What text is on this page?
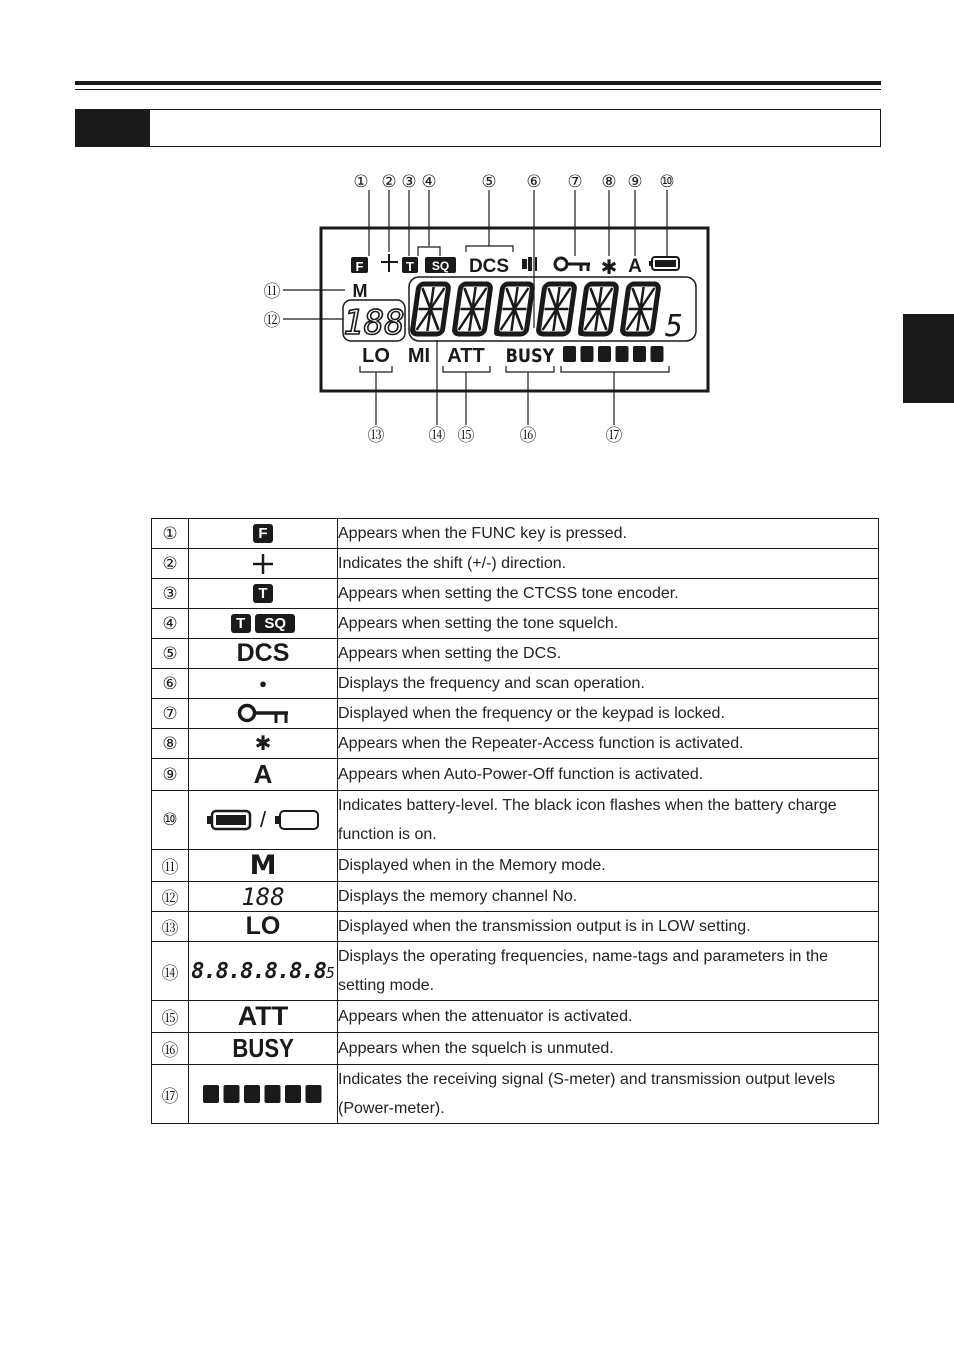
① ② ③ ④	⑤ ⑥ ⑦ ⑧ ⑨ ⑩
⑪
⑫
⑬	⑭ ⑮	⑯	⑰
F	T SQ DCS	✱ A
M
188	5
LO MI ATT BUSY
①	F	Appears when the FUNC key is pressed.
②		Indicates the shift (+/-) direction.
③	T	Appears when setting the CTCSS tone encoder.
④	T SQ	Appears when setting the tone squelch.
⑤	DCS	Appears when setting the DCS.
⑥	●	Displays the frequency and scan operation.
⑦		Displayed when the frequency or the keypad is locked.
⑧	✱	Appears when the Repeater-Access function is activated.
⑨	A	Appears when Auto-Power-Off function is activated.
⑩	/	Indicates battery-level. The black icon flashes when the battery charge function is on.
⑪	M	Displayed when in the Memory mode.
⑫	188	Displays the memory channel No.
⑬	LO	Displayed when the transmission output is in LOW setting.
⑭	8.8.8.8.8.85	Displays the operating frequencies, name-tags and parameters in the setting mode.
⑮	ATT	Appears when the attenuator is activated.
⑯	BUSY	Appears when the squelch is unmuted.
⑰		Indicates the receiving signal (S-meter) and transmission output levels (Power-meter).
